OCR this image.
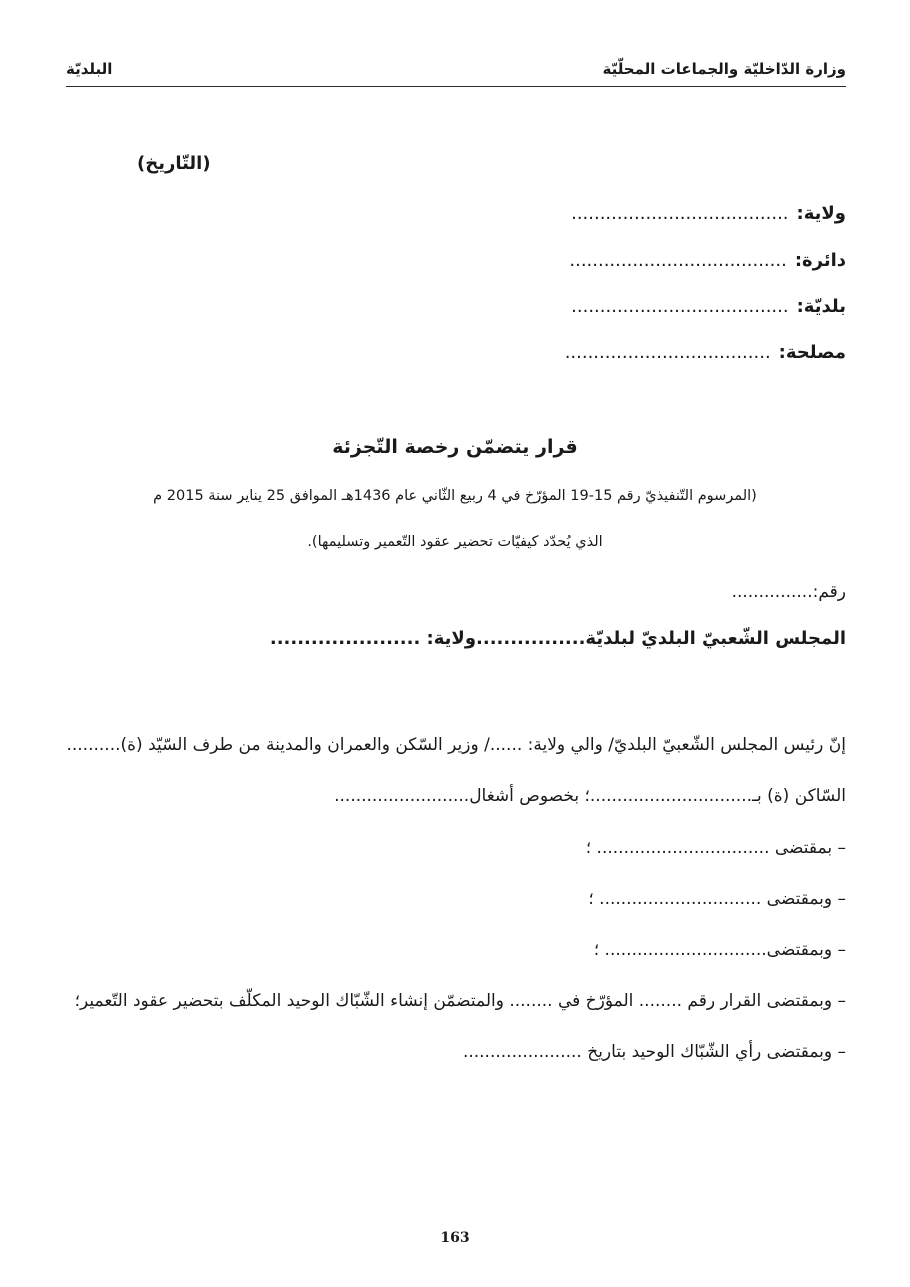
وزارة الدّاخليّة والجماعات المحلّيّة
البلديّة
(التّاريخ)
ولاية:......................................
دائرة:......................................
بلديّة:......................................
مصلحة:....................................
قرار يتضمّن رخصة التّجزئة
(المرسوم التّنفيذيّ رقم 15-19 المؤرّخ في 4 ربيع الثّاني عام 1436هـ الموافق 25 يناير سنة 2015 م
الذي يُحدّد كيفيّات تحضير عقود التّعمير وتسليمها).
رقم:...............
المجلس الشّعبيّ البلديّ لبلديّة................ولاية: ......................
إنّ رئيس المجلس الشّعبيّ البلديّ/ والي ولاية: ....../ وزير السّكن والعمران والمدينة من طرف السّيّد (ة)..........
السّاكن (ة) بـ..............................؛ بخصوص أشغال.........................
– بمقتضى ................................ ؛
– وبمقتضى .............................. ؛
– وبمقتضى.............................. ؛
– وبمقتضى القرار رقم ........ المؤرّخ في ........ والمتضمّن إنشاء الشّبّاك الوحيد المكلّف بتحضير عقود التّعمير؛
– وبمقتضى رأي الشّبّاك الوحيد بتاريخ ......................
163
